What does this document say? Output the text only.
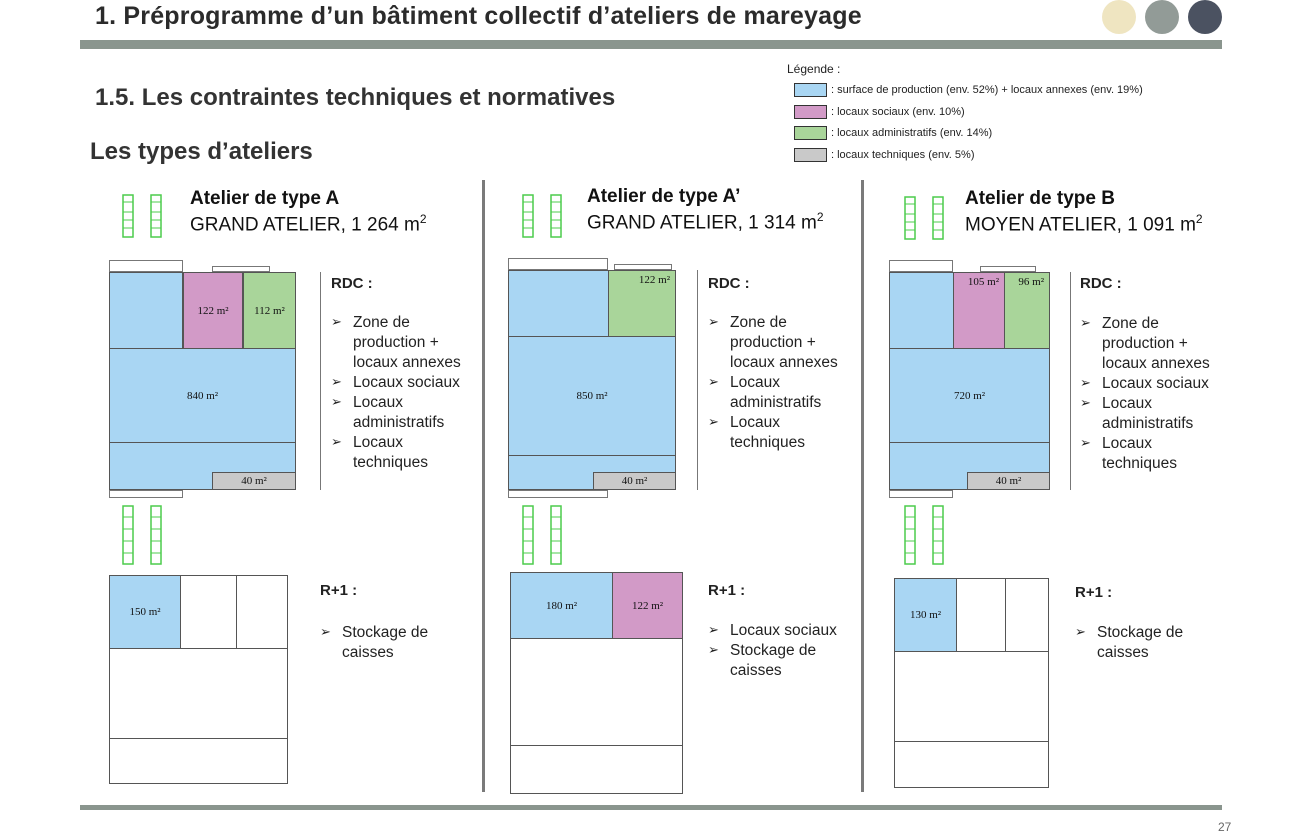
1. Préprogramme d’un bâtiment collectif d’ateliers de mareyage
1.5. Les contraintes techniques et normatives
Les types d’ateliers
Légende :
: surface de production (env. 52%) + locaux annexes (env. 19%)
: locaux sociaux (env. 10%)
: locaux administratifs (env. 14%)
: locaux techniques (env. 5%)
Atelier de type A
GRAND ATELIER, 1 264 $m^2$
122 m²	112 m²
840 m²
40 m²
150 m²
RDC :
➢ Zone de production + locaux annexes
➢ Locaux sociaux
➢ Locaux administratifs
➢ Locaux techniques
R+1 :
➢ Stockage de caisses
Atelier de type A’
GRAND ATELIER, 1 314 $m^2$
122 m²
850 m²
40 m²
180 m²	122 m²
RDC :
➢ Zone de production + locaux annexes
➢ Locaux administratifs
➢ Locaux techniques
R+1 :
➢ Locaux sociaux
➢ Stockage de caisses
Atelier de type B
MOYEN ATELIER, 1 091 $m^2$
105 m²	96 m²
720 m²
40 m²
130 m²
RDC :
➢ Zone de production + locaux annexes
➢ Locaux sociaux
➢ Locaux administratifs
➢ Locaux techniques
R+1 :
➢ Stockage de caisses
27
